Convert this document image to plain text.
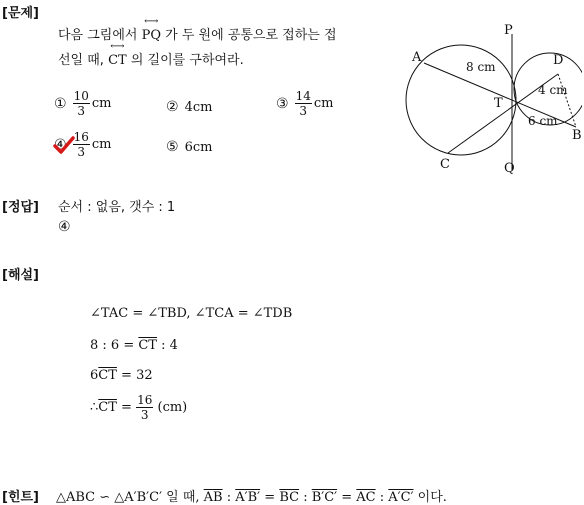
[문제]
[정답]
[해설]
[힌트]
다음 그림에서 ⟷ PQ 가 두 원에 공통으로 접하는 접
선일 때, ⟷ CT 의 길이를 구하여라.
① $\frac{10}{3}$ cm	② 4cm	③ $\frac{14}{3}$ cm
④ $\frac{16}{3}$ cm	⑤ 6cm
P
Q
A
B
C
D
T
8 cm
4 cm
6 cm
순서 : 없음, 갯수 : 1
④
∠TAC = ∠TBD, ∠TCA = ∠TDB
8 : $6 = \overline{CT}$ : 4
$6\overline{CT} = 32$
∴ $\overline{CT} = \frac{16}{3} (cm)$
△ABC ∽ △A′B′C′ 일 때, $\overline{AB}$ : $A'B' = \overline{BC}$ : $B'C' = \overline{AC}$ : A′C′ 이다.
